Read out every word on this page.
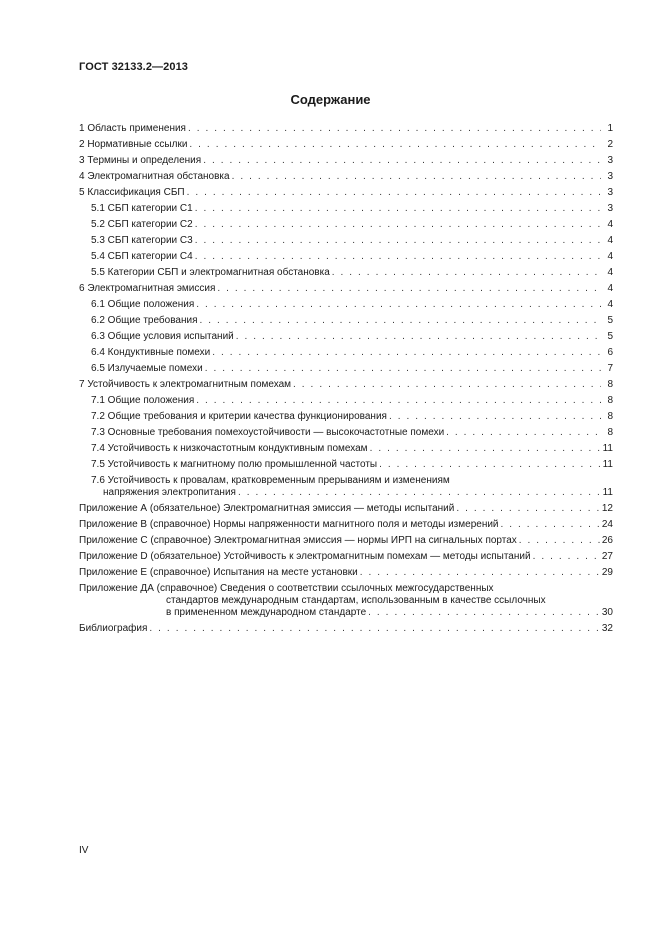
ГОСТ 32133.2—2013
Содержание
1 Область применения . . .	1
2 Нормативные ссылки . . .	2
3 Термины и определения . . .	3
4 Электромагнитная обстановка . . .	3
5 Классификация СБП . . .	3
5.1 СБП категории С1 . . .	3
5.2 СБП категории С2 . . .	4
5.3 СБП категории С3 . . .	4
5.4 СБП категории С4 . . .	4
5.5 Категории СБП и электромагнитная обстановка . . .	4
6 Электромагнитная эмиссия . . .	4
6.1 Общие положения . . .	4
6.2 Общие требования . . .	5
6.3 Общие условия испытаний . . .	5
6.4 Кондуктивные помехи . . .	6
6.5 Излучаемые помехи . . .	7
7 Устойчивость к электромагнитным помехам . . .	8
7.1 Общие положения . . .	8
7.2 Общие требования и критерии качества функционирования . . .	8
7.3 Основные требования помехоустойчивости — высокочастотные помехи . . .	8
7.4 Устойчивость к низкочастотным кондуктивным помехам . . .	11
7.5 Устойчивость к магнитному полю промышленной частоты . . .	11
7.6 Устойчивость к провалам, кратковременным прерываниям и изменениям
напряжения электропитания . . .	11
Приложение А (обязательное) Электромагнитная эмиссия — методы испытаний . . .	12
Приложение В (справочное) Нормы напряженности магнитного поля и методы измерений . . .	24
Приложение С (справочное) Электромагнитная эмиссия — нормы ИРП на сигнальных портах . . .	26
Приложение D (обязательное) Устойчивость к электромагнитным помехам — методы испытаний . . .	27
Приложение Е (справочное) Испытания на месте установки . . .	29
Приложение ДА (справочное) Сведения о соответствии ссылочных межгосударственных
стандартов международным стандартам, использованным в качестве ссылочных
в примененном международном стандарте . . .	30
Библиография . . .	32
IV
